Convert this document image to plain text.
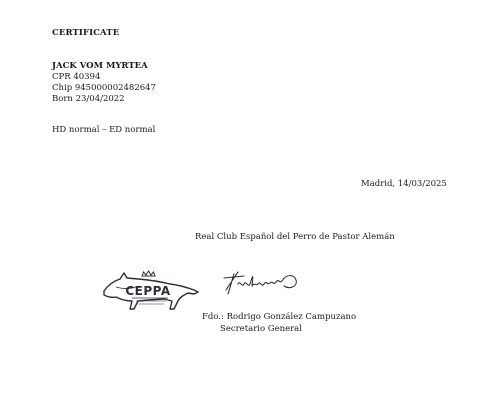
CERTIFICATE
JACK VOM MYRTEA
CPR 40394
Chip 945000002482647
Born 23/04/2022
HD normal – ED normal
Madrid, 14/03/2025
Real Club Español del Perro de Pastor Alemán
CEPPA
Fdo.: Rodrigo González Campuzano
Secretario General
